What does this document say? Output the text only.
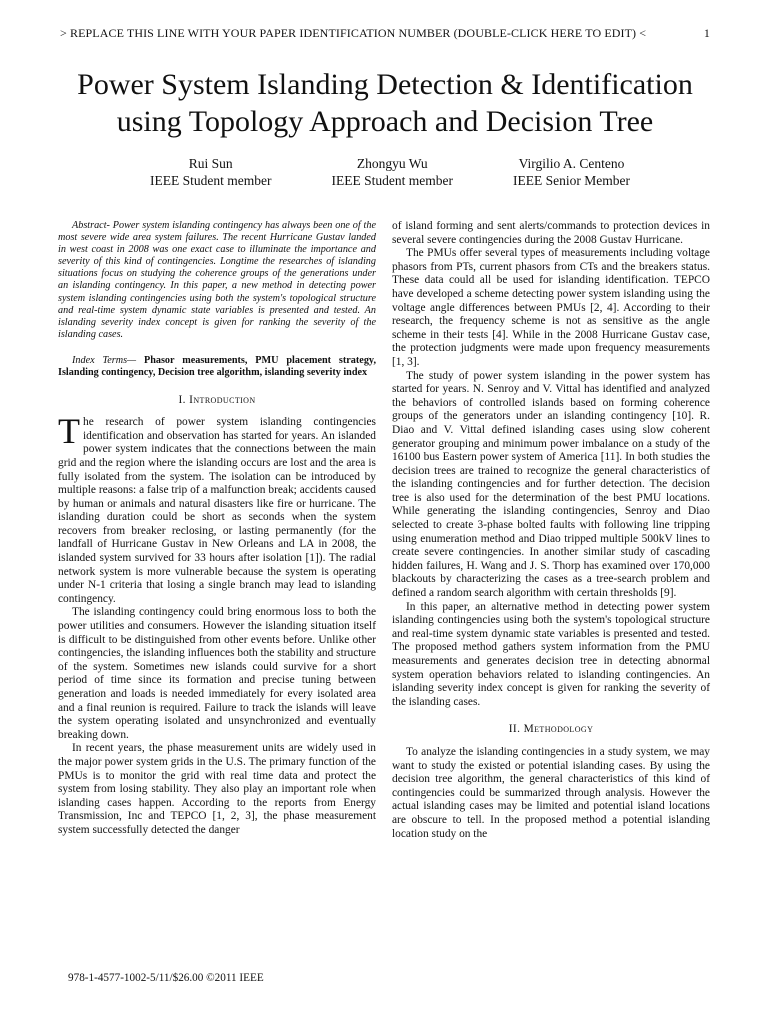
> REPLACE THIS LINE WITH YOUR PAPER IDENTIFICATION NUMBER (DOUBLE-CLICK HERE TO EDIT) <	1
Power System Islanding Detection & Identification
using Topology Approach and Decision Tree
Rui Sun
IEEE Student member
Zhongyu Wu
IEEE Student member
Virgilio A. Centeno
IEEE Senior Member

Abstract- Power system islanding contingency has always been one of the most severe wide area system failures. The recent Hurricane Gustav landed in west coast in 2008 was one exact case to illuminate the importance and severity of this kind of contingencies. Longtime the researches of islanding situations focus on studying the coherence groups of the generations under an islanding contingency. In this paper, a new method in detecting power system islanding contingencies using both the system's topological structure and real-time system dynamic state variables is presented and tested. An islanding severity index concept is given for ranking the severity of the islanding cases.

Index Terms— Phasor measurements, PMU placement strategy, Islanding contingency, Decision tree algorithm, islanding severity index

I. Introduction

The research of power system islanding contingencies identification and observation has started for years. An islanded power system indicates that the connections between the main grid and the region where the islanding occurs are lost and the area is fully isolated from the system. The isolation can be introduced by multiple reasons: a false trip of a malfunction break; accidents caused by human or animals and natural disasters like fire or hurricane. The islanding duration could be short as seconds when the system recovers from breaker reclosing, or lasting permanently (for the landfall of Hurricane Gustav in New Orleans and LA in 2008, the islanded system survived for 33 hours after isolation [1]). The radial network system is more vulnerable because the system is operating under N-1 criteria that losing a single branch may lead to islanding contingency.

The islanding contingency could bring enormous loss to both the power utilities and consumers. However the islanding situation itself is difficult to be distinguished from other events before. Unlike other contingencies, the islanding influences both the stability and structure of the system. Sometimes new islands could survive for a short period of time since its formation and precise tuning between generation and loads is needed immediately for every isolated area and a final reunion is required. Failure to track the islands will leave the system operating isolated and unsynchronized and eventually breaking down.

In recent years, the phase measurement units are widely used in the major power system grids in the U.S. The primary function of the PMUs is to monitor the grid with real time data and protect the system from losing stability. They also play an important role when islanding cases happen. According to the reports from Energy Transmission, Inc and TEPCO [1, 2, 3], the phase measurement system successfully detected the danger

of island forming and sent alerts/commands to protection devices in several severe contingencies during the 2008 Gustav Hurricane.

The PMUs offer several types of measurements including voltage phasors from PTs, current phasors from CTs and the breakers status. These data could all be used for islanding identification. TEPCO have developed a scheme detecting power system islanding using the voltage angle differences between PMUs [2, 4]. According to their research, the frequency scheme is not as sensitive as the angle scheme in their tests [4]. While in the 2008 Hurricane Gustav case, the protection judgments were made upon frequency measurements [1, 3].

The study of power system islanding in the power system has started for years. N. Senroy and V. Vittal has identified and analyzed the behaviors of controlled islands based on forming coherence groups of the generators under an islanding contingency [10]. R. Diao and V. Vittal defined islanding cases using slow coherent generator grouping and minimum power imbalance on a study of the 16100 bus Eastern power system of America [11]. In both studies the decision trees are trained to recognize the general characteristics of the islanding contingencies and for further detection. The decision tree is also used for the determination of the best PMU locations. While generating the islanding contingencies, Senroy and Diao selected to create 3-phase bolted faults with following line tripping using enumeration method and Diao tripped multiple 500kV lines to create severe contingencies. In another similar study of cascading hidden failures, H. Wang and J. S. Thorp has examined over 170,000 blackouts by characterizing the cases as a tree-search problem and defined a random search algorithm with certain thresholds [9].

In this paper, an alternative method in detecting power system islanding contingencies using both the system's topological structure and real-time system dynamic state variables is presented and tested. The proposed method gathers system information from the PMU measurements and generates decision tree in detecting abnormal system operation behaviors related to islanding contingencies. An islanding severity index concept is given for ranking the severity of the islanding cases.

II. Methodology

To analyze the islanding contingencies in a study system, we may want to study the existed or potential islanding cases. By using the decision tree algorithm, the general characteristics of this kind of contingencies could be summarized through analysis. However the actual islanding cases may be limited and potential island locations are obscure to tell. In the proposed method a potential islanding location study on the

978-1-4577-1002-5/11/$26.00 ©2011 IEEE
